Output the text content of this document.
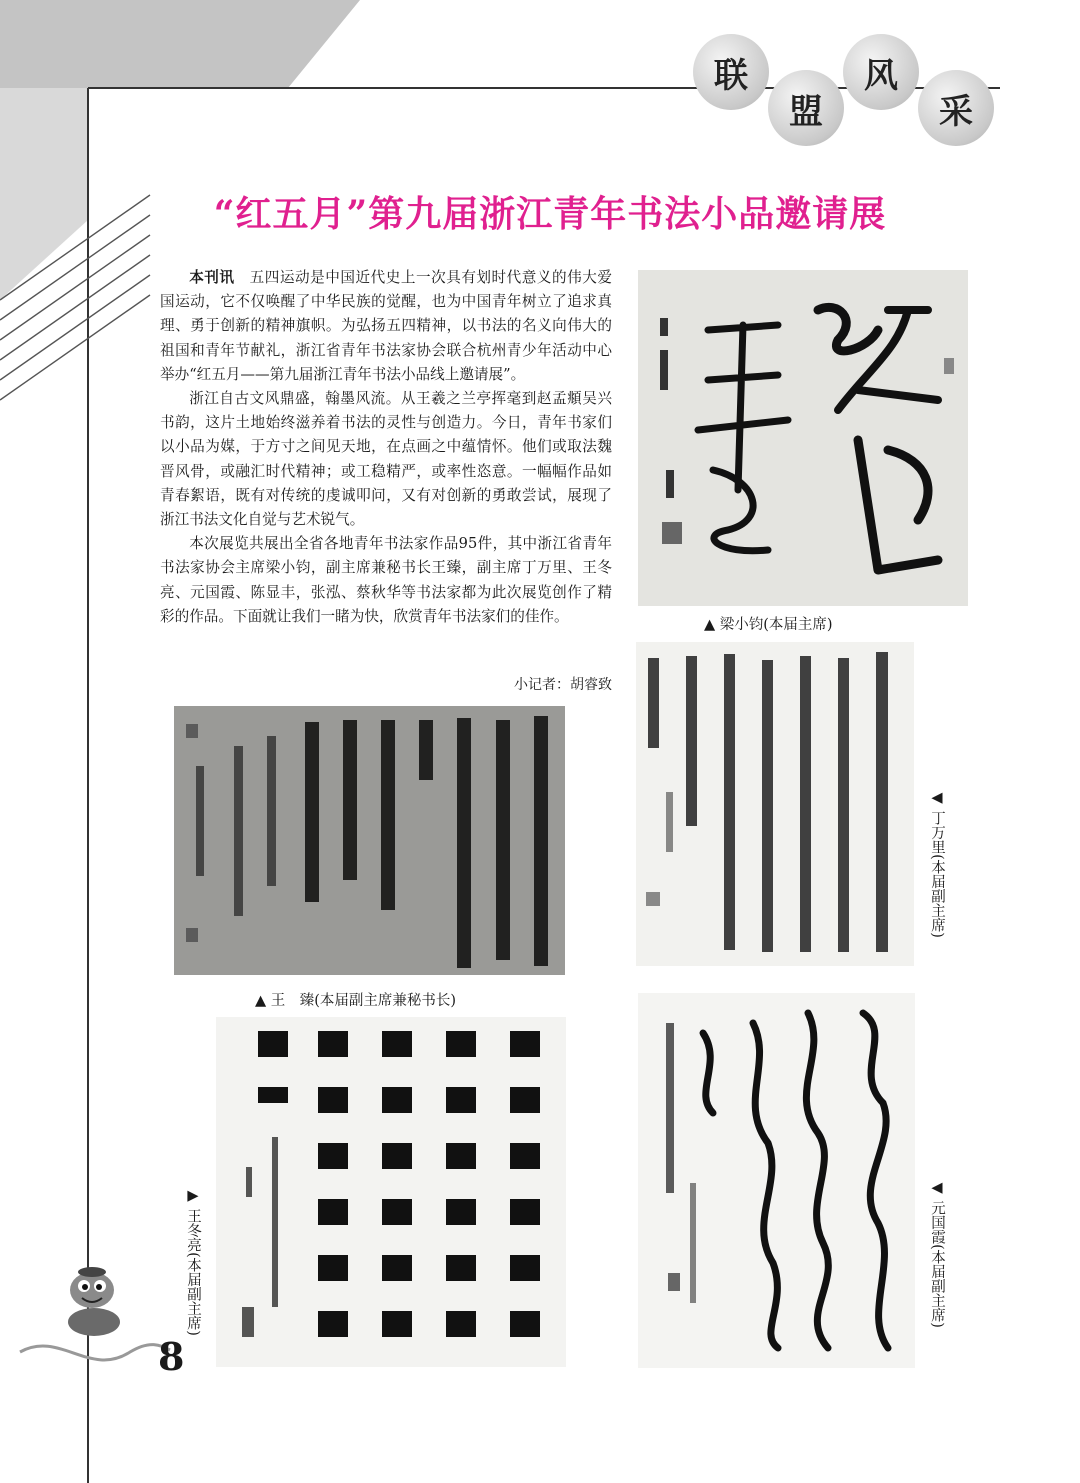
联
盟
风
采
“红五月”第九届浙江青年书法小品邀请展

本刊讯　 五四运动是中国近代史上一次具有划时代意义的伟大爱国运动，它不仅唤醒了中华民族的觉醒，也为中国青年树立了追求真理、勇于创新的精神旗帜。为弘扬五四精神，以书法的名义向伟大的祖国和青年节献礼，浙江省青年书法家协会联合杭州青少年活动中心举办“红五月——第九届浙江青年书法小品线上邀请展”。

浙江自古文风鼎盛，翰墨风流。从王羲之兰亭挥毫到赵孟頫吴兴书韵，这片土地始终滋养着书法的灵性与创造力。今日，青年书家们以小品为媒，于方寸之间见天地，在点画之中蕴情怀。他们或取法魏晋风骨，或融汇时代精神；或工稳精严，或率性恣意。一幅幅作品如青春絮语，既有对传统的虔诚叩问，又有对创新的勇敢尝试，展现了浙江书法文化自觉与艺术锐气。

本次展览共展出全省各地青年书法家作品95件，其中浙江省青年书法家协会主席梁小钧，副主席兼秘书长王臻，副主席丁万里、王冬亮、元国霞、陈显丰，张泓、蔡秋华等书法家都为此次展览创作了精彩的作品。下面就让我们一睹为快，欣赏青年书法家们的佳作。

小记者：胡睿致
▲ 梁小钧(本届主席)
◀ 丁万里(本届副主席)
▲ 王　臻(本届副主席兼秘书长)
▶ 王冬亮(本届副主席)	◀ 元国霞(本届副主席)
8
